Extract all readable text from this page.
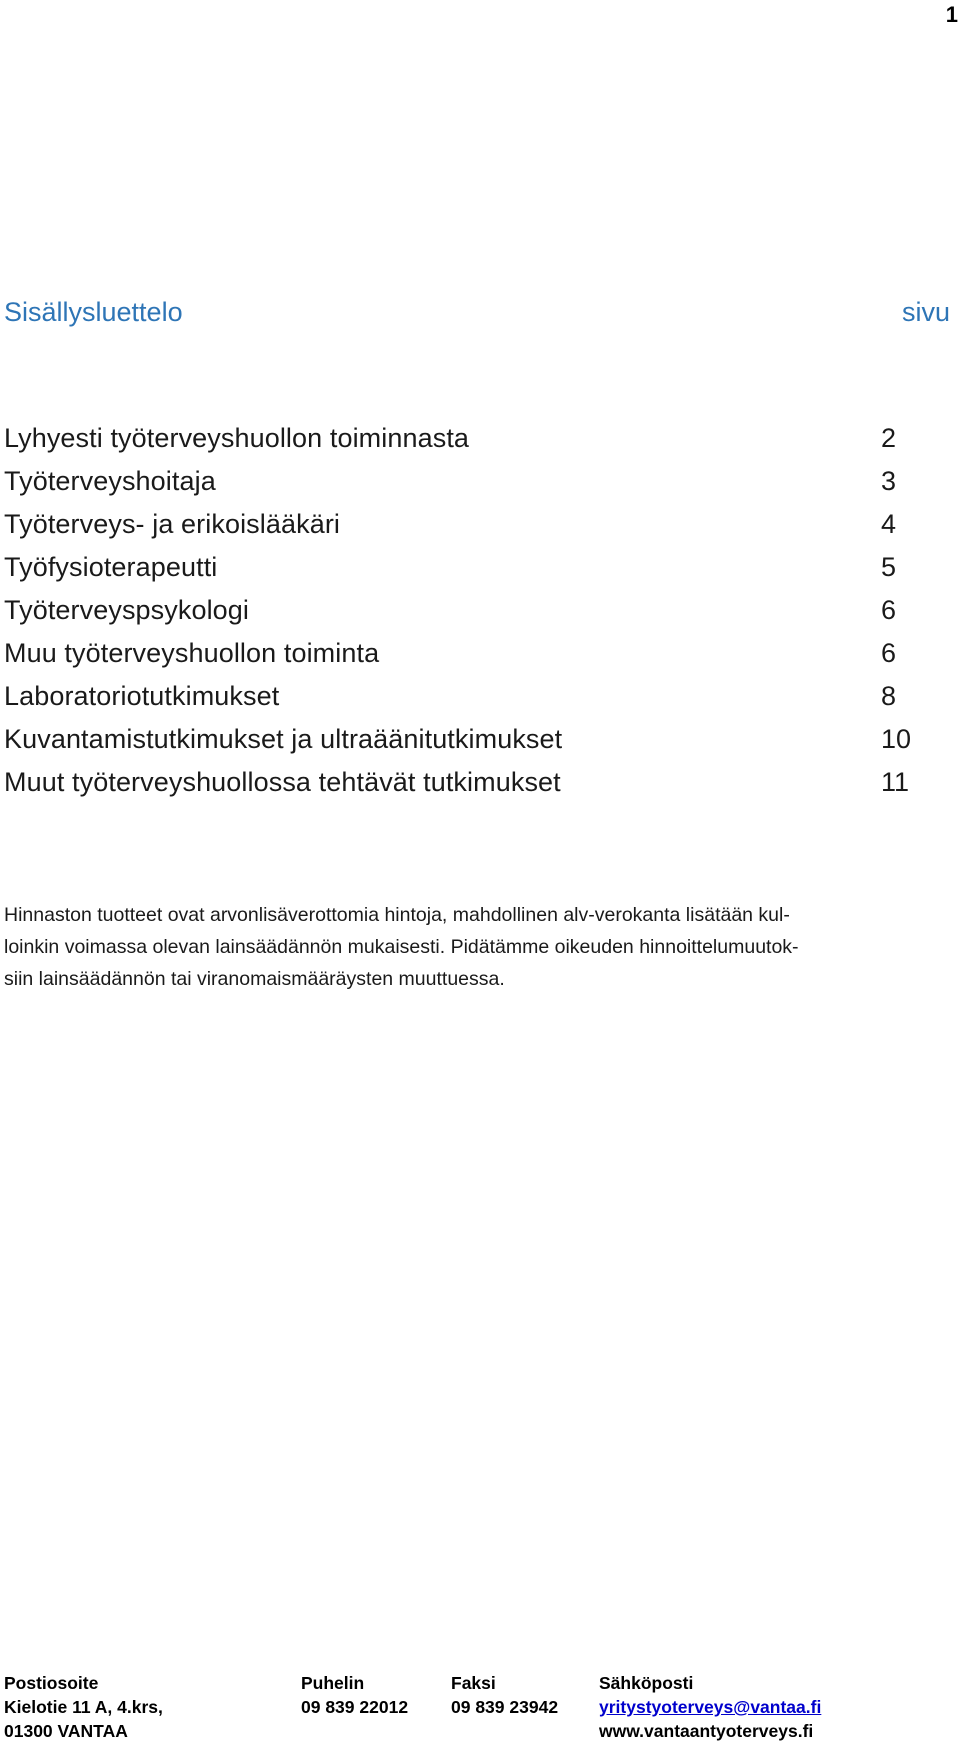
1
Sisällysluettelo	sivu
Lyhyesti työterveyshuollon toiminnasta	2
Työterveyshoitaja	3
Työterveys- ja erikoislääkäri	4
Työfysioterapeutti	5
Työterveyspsykologi	6
Muu työterveyshuollon toiminta	6
Laboratoriotutkimukset	8
Kuvantamistutkimukset ja ultraäänitutkimukset	10
Muut työterveyshuollossa tehtävät tutkimukset	11
Hinnaston tuotteet ovat arvonlisäverottomia hintoja, mahdollinen alv-verokanta lisätään kul-
loinkin voimassa olevan lainsäädännön mukaisesti. Pidätämme oikeuden hinnoittelumuutok-
siin lainsäädännön tai viranomaismääräysten muuttuessa.
Postiosoite
Kielotie 11 A, 4.krs,
01300 VANTAA
Puhelin
09 839 22012
Faksi
09 839 23942
Sähköposti
yritystyoterveys@vantaa.fi
www.vantaantyoterveys.fi
